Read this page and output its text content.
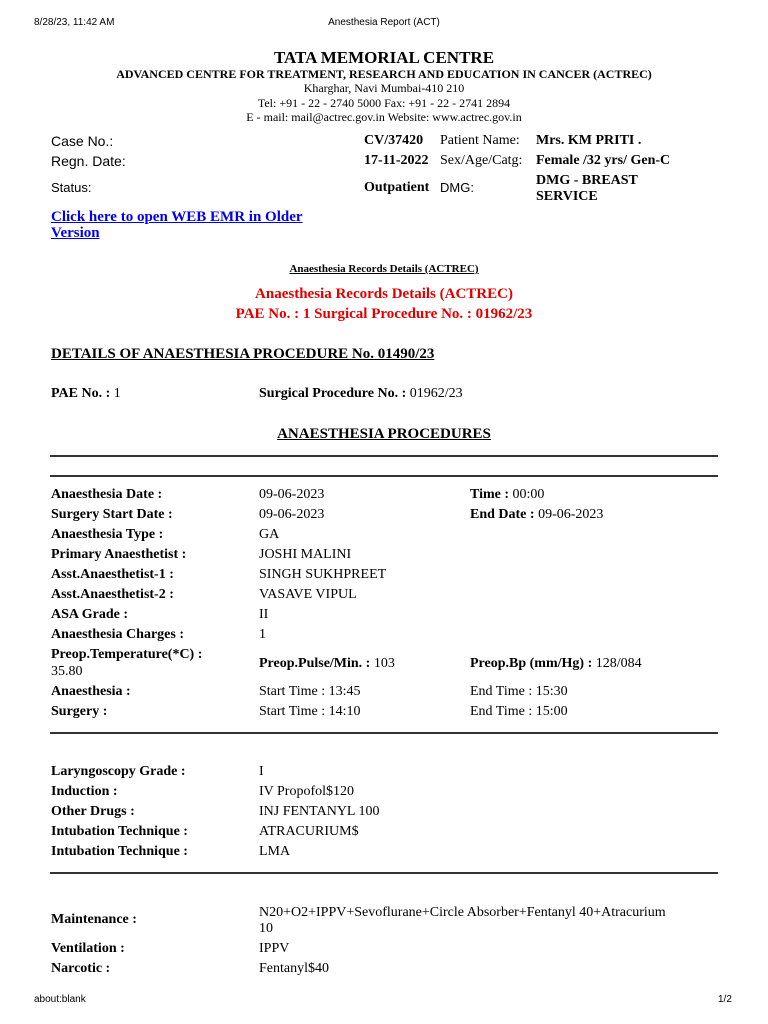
8/28/23, 11:42 AM	Anesthesia Report (ACT)
TATA MEMORIAL CENTRE
ADVANCED CENTRE FOR TREATMENT, RESEARCH AND EDUCATION IN CANCER (ACTREC)
Kharghar, Navi Mumbai-410 210
Tel: +91 - 22 - 2740 5000 Fax: +91 - 22 - 2741 2894
E - mail: mail@actrec.gov.in Website: www.actrec.gov.in
Case No.:	CV/37420 Patient Name: Mrs. KM PRITI .
Regn. Date:	17-11-2022 Sex/Age/Catg: Female /32 yrs/ Gen-C
Status:	Outpatient DMG:	DMG - BREAST
SERVICE
Click here to open WEB EMR in Older
Version
Anaesthesia Records Details (ACTREC)
Anaesthesia Records Details (ACTREC)
PAE No. : 1 Surgical Procedure No. : 01962/23
DETAILS OF ANAESTHESIA PROCEDURE No. 01490/23
PAE No. : 1	Surgical Procedure No. : 01962/23
ANAESTHESIA PROCEDURES
Anaesthesia Date :	09-06-2023	Time : 00:00
Surgery Start Date :	09-06-2023	End Date : 09-06-2023
Anaesthesia Type :	GA
Primary Anaesthetist :	JOSHI MALINI
Asst.Anaesthetist-1 :	SINGH SUKHPREET
Asst.Anaesthetist-2 :	VASAVE VIPUL
ASA Grade :	II
Anaesthesia Charges :	1
Preop.Temperature(*C) :
35.80
Preop.Pulse/Min. : 103	Preop.Bp (mm/Hg) : 128/084
Anaesthesia :	Start Time : 13:45	End Time : 15:30
Surgery :	Start Time : 14:10	End Time : 15:00
Laryngoscopy Grade :	I
Induction :	IV Propofol$120
Other Drugs :	INJ FENTANYL 100
Intubation Technique :	ATRACURIUM$
Intubation Technique :	LMA
Maintenance :	N20+O2+IPPV+Sevoflurane+Circle Absorber+Fentanyl 40+Atracurium
10
Ventilation :	IPPV
Narcotic :	Fentanyl$40
about:blank	1/2
